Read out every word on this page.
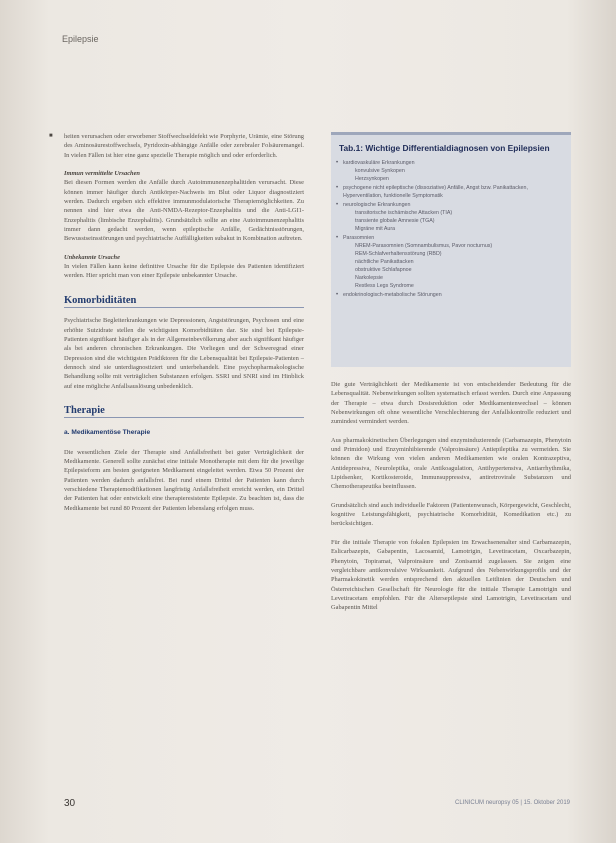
Epilepsie

■ heiten verursachen oder erworbener Stoffwechseldefekt wie Porphyrie, Urämie, eine Störung des Aminosäurestoffwechsels, Pyridoxin-abhängige Anfälle oder zerebraler Folsäuremangel. In vielen Fällen ist hier eine ganz spezielle Therapie möglich und oder erforderlich.

Immun vermittelte Ursachen

Bei diesen Formen werden die Anfälle durch Autoimmunenzephalitiden verursacht. Diese können immer häufiger durch Antikörper-Nachweis im Blut oder Liquor diagnostiziert werden. Dadurch ergeben sich effektive immunmodulatorische Therapiemöglichkeiten. Zu nennen sind hier etwa die Anti-NMDA-Rezeptor-Enzephalitis und die Anti-LGI1-Enzephalitis (limbische Enzephalitis). Grundsätzlich sollte an eine Autoimmunenzephalitis immer dann gedacht werden, wenn epileptische Anfälle, Gedächtnisstörungen, Bewusstseinsstörungen und psychiatrische Auffälligkeiten subakut in Kombination auftreten.

Unbekannte Ursache

In vielen Fällen kann keine definitive Ursache für die Epilepsie des Patienten identifiziert werden. Hier spricht man von einer Epilepsie unbekannter Ursache.

Komorbiditäten

Psychiatrische Begleiterkrankungen wie Depressionen, Angststörungen, Psychosen und eine erhöhte Suizidrate stellen die wichtigsten Komorbiditäten dar. Sie sind bei Epilepsie-Patienten signifikant häufiger als in der Allgemeinbevölkerung aber auch signifikant häufiger als bei anderen chronischen Erkrankungen. Die Vorliegen und der Schweregrad einer Depression sind die wichtigsten Prädiktoren für die Lebensqualität bei Epilepsie-Patienten – dennoch sind sie unterdiagnostiziert und unterbehandelt. Eine psychopharmakologische Behandlung sollte mit verträglichen Substanzen erfolgen. SSRI und SNRI sind im Hinblick auf eine mögliche Anfallsauslösung unbedenklich.

Therapie
a. Medikamentöse Therapie

Die wesentlichen Ziele der Therapie sind Anfallsfreiheit bei guter Verträglichkeit der Medikamente. Generell sollte zunächst eine initiale Monotherapie mit dem für die jeweilige Epilepsieform am besten geeigneten Medikament eingeleitet werden. Etwa 50 Prozent der Patienten werden dadurch anfallsfrei. Bei rund einem Drittel der Patienten kann durch verschiedene Therapiemodifikationen langfristig Anfallsfreiheit erreicht werden, ein Drittel der Patienten hat oder entwickelt eine therapieresistente Epilepsie. Zu beachten ist, dass die Medikamente bei rund 80 Prozent der Patienten lebenslang erfolgen muss.

Tab.1: Wichtige Differentialdiagnosen von Epilepsien
• kardiovaskuläre Erkrankungen
konvulsive Synkopen
Herzsynkopen
• psychogene nicht epileptische (dissoziative) Anfälle, Angst bzw. Panikattacken, Hyperventilation, funktionelle Symptomatik
• neurologische Erkrankungen
transitorische ischämische Attacken (TIA)
transiente globale Amnesie (TGA)
Migräne mit Aura
• Parasomnien
NREM-Parasomnien (Somnambulismus, Pavor nocturnus)
REM-Schlafverhaltensstörung (RBD)
nächtliche Panikattacken
obstruktive Schlafapnoe
Narkolepsie
Restless Legs Syndrome
• endokrinologisch-metabolische Störungen

Die gute Verträglichkeit der Medikamente ist von entscheidender Bedeutung für die Lebensqualität. Nebenwirkungen sollten systematisch erfasst werden. Durch eine Anpassung der Therapie – etwa durch Dosisreduktion oder Medikamentenwechsel – können Nebenwirkungen oft ohne wesentliche Verschlechterung der Anfallskontrolle reduziert und zumindest vermindert werden.

Aus pharmakokinetischen Überlegungen sind enzyminduzierende (Carbamazepin, Phenytoin und Primidon) und Enzyminhibierende (Valproinsäure) Antiepileptika zu vermeiden. Sie können die Wirkung von vielen anderen Medikamenten wie oralen Kontrazeptiva, Antidepressiva, Neuroleptika, orale Antikoagulation, Antihypertensiva, Antiarrhythmika, Lipidsenker, Kortikosteroide, Immunsuppressiva, antiretrovirale Substanzen und Chemotherapeutika beeinflussen.

Grundsätzlich sind auch individuelle Faktoren (Patientenwunsch, Körpergewicht, Geschlecht, kognitive Leistungsfähigkeit, psychiatrische Komorbidität, Komedikation etc.) zu berücksichtigen.

Für die initiale Therapie von fokalen Epilepsien im Erwachsenenalter sind Carbamazepin, Eslicarbazepin, Gabapentin, Lacosamid, Lamotrigin, Levetiracetam, Oxcarbazepin, Phenytoin, Topiramat, Valproinsäure und Zonisamid zugelassen. Sie zeigen eine vergleichbare antikonvulsive Wirksamkeit. Aufgrund des Nebenwirkungsprofils und der Pharmakokinetik werden entsprechend den aktuellen Leitlinien der Deutschen und Österreichischen Gesellschaft für Neurologie für die initiale Therapie Lamotrigin und Levetiracetam empfohlen. Für die Altersepilepsie sind Lamotrigin, Levetiracetam und Gabapentin Mittel

30	CLINICUM neuropsy 05 | 15. Oktober 2019
